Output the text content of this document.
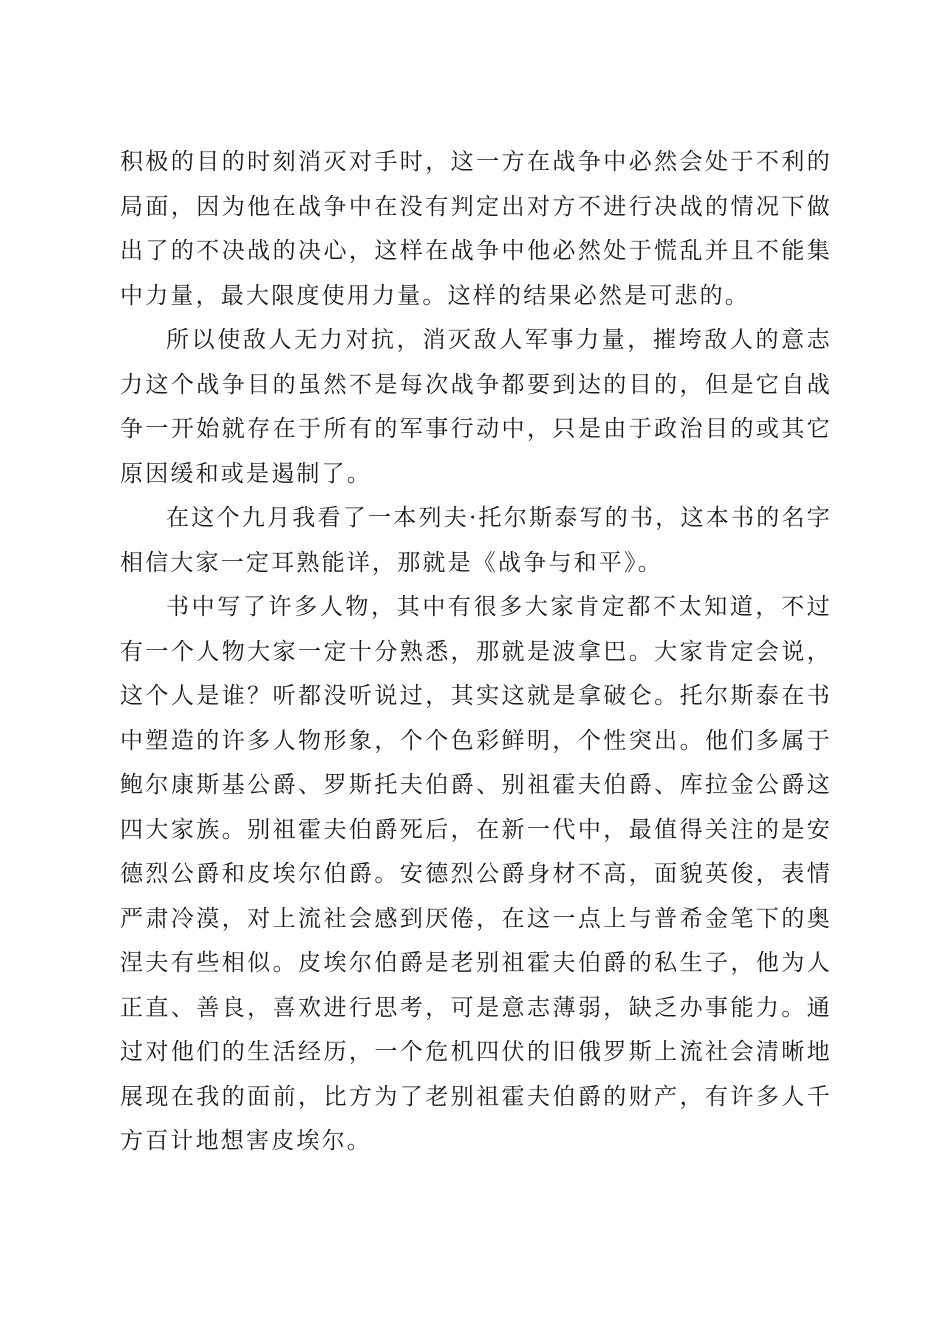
积极的目的时刻消灭对手时，这一方在战争中必然会处于不利的局面，因为他在战争中在没有判定出对方不进行决战的情况下做出了的不决战的决心，这样在战争中他必然处于慌乱并且不能集中力量，最大限度使用力量。这样的结果必然是可悲的。

所以使敌人无力对抗，消灭敌人军事力量，摧垮敌人的意志力这个战争目的虽然不是每次战争都要到达的目的，但是它自战争一开始就存在于所有的军事行动中，只是由于政治目的或其它原因缓和或是遏制了。

在这个九月我看了一本列夫·托尔斯泰写的书，这本书的名字相信大家一定耳熟能详，那就是《战争与和平》。

书中写了许多人物，其中有很多大家肯定都不太知道，不过有一个人物大家一定十分熟悉，那就是波拿巴。大家肯定会说，这个人是谁？听都没听说过，其实这就是拿破仑。托尔斯泰在书中塑造的许多人物形象，个个色彩鲜明，个性突出。他们多属于鲍尔康斯基公爵、罗斯托夫伯爵、别祖霍夫伯爵、库拉金公爵这四大家族。别祖霍夫伯爵死后，在新一代中，最值得关注的是安德烈公爵和皮埃尔伯爵。安德烈公爵身材不高，面貌英俊，表情严肃冷漠，对上流社会感到厌倦，在这一点上与普希金笔下的奥涅夫有些相似。皮埃尔伯爵是老别祖霍夫伯爵的私生子，他为人正直、善良，喜欢进行思考，可是意志薄弱，缺乏办事能力。通过对他们的生活经历，一个危机四伏的旧俄罗斯上流社会清晰地展现在我的面前，比方为了老别祖霍夫伯爵的财产，有许多人千方百计地想害皮埃尔。
